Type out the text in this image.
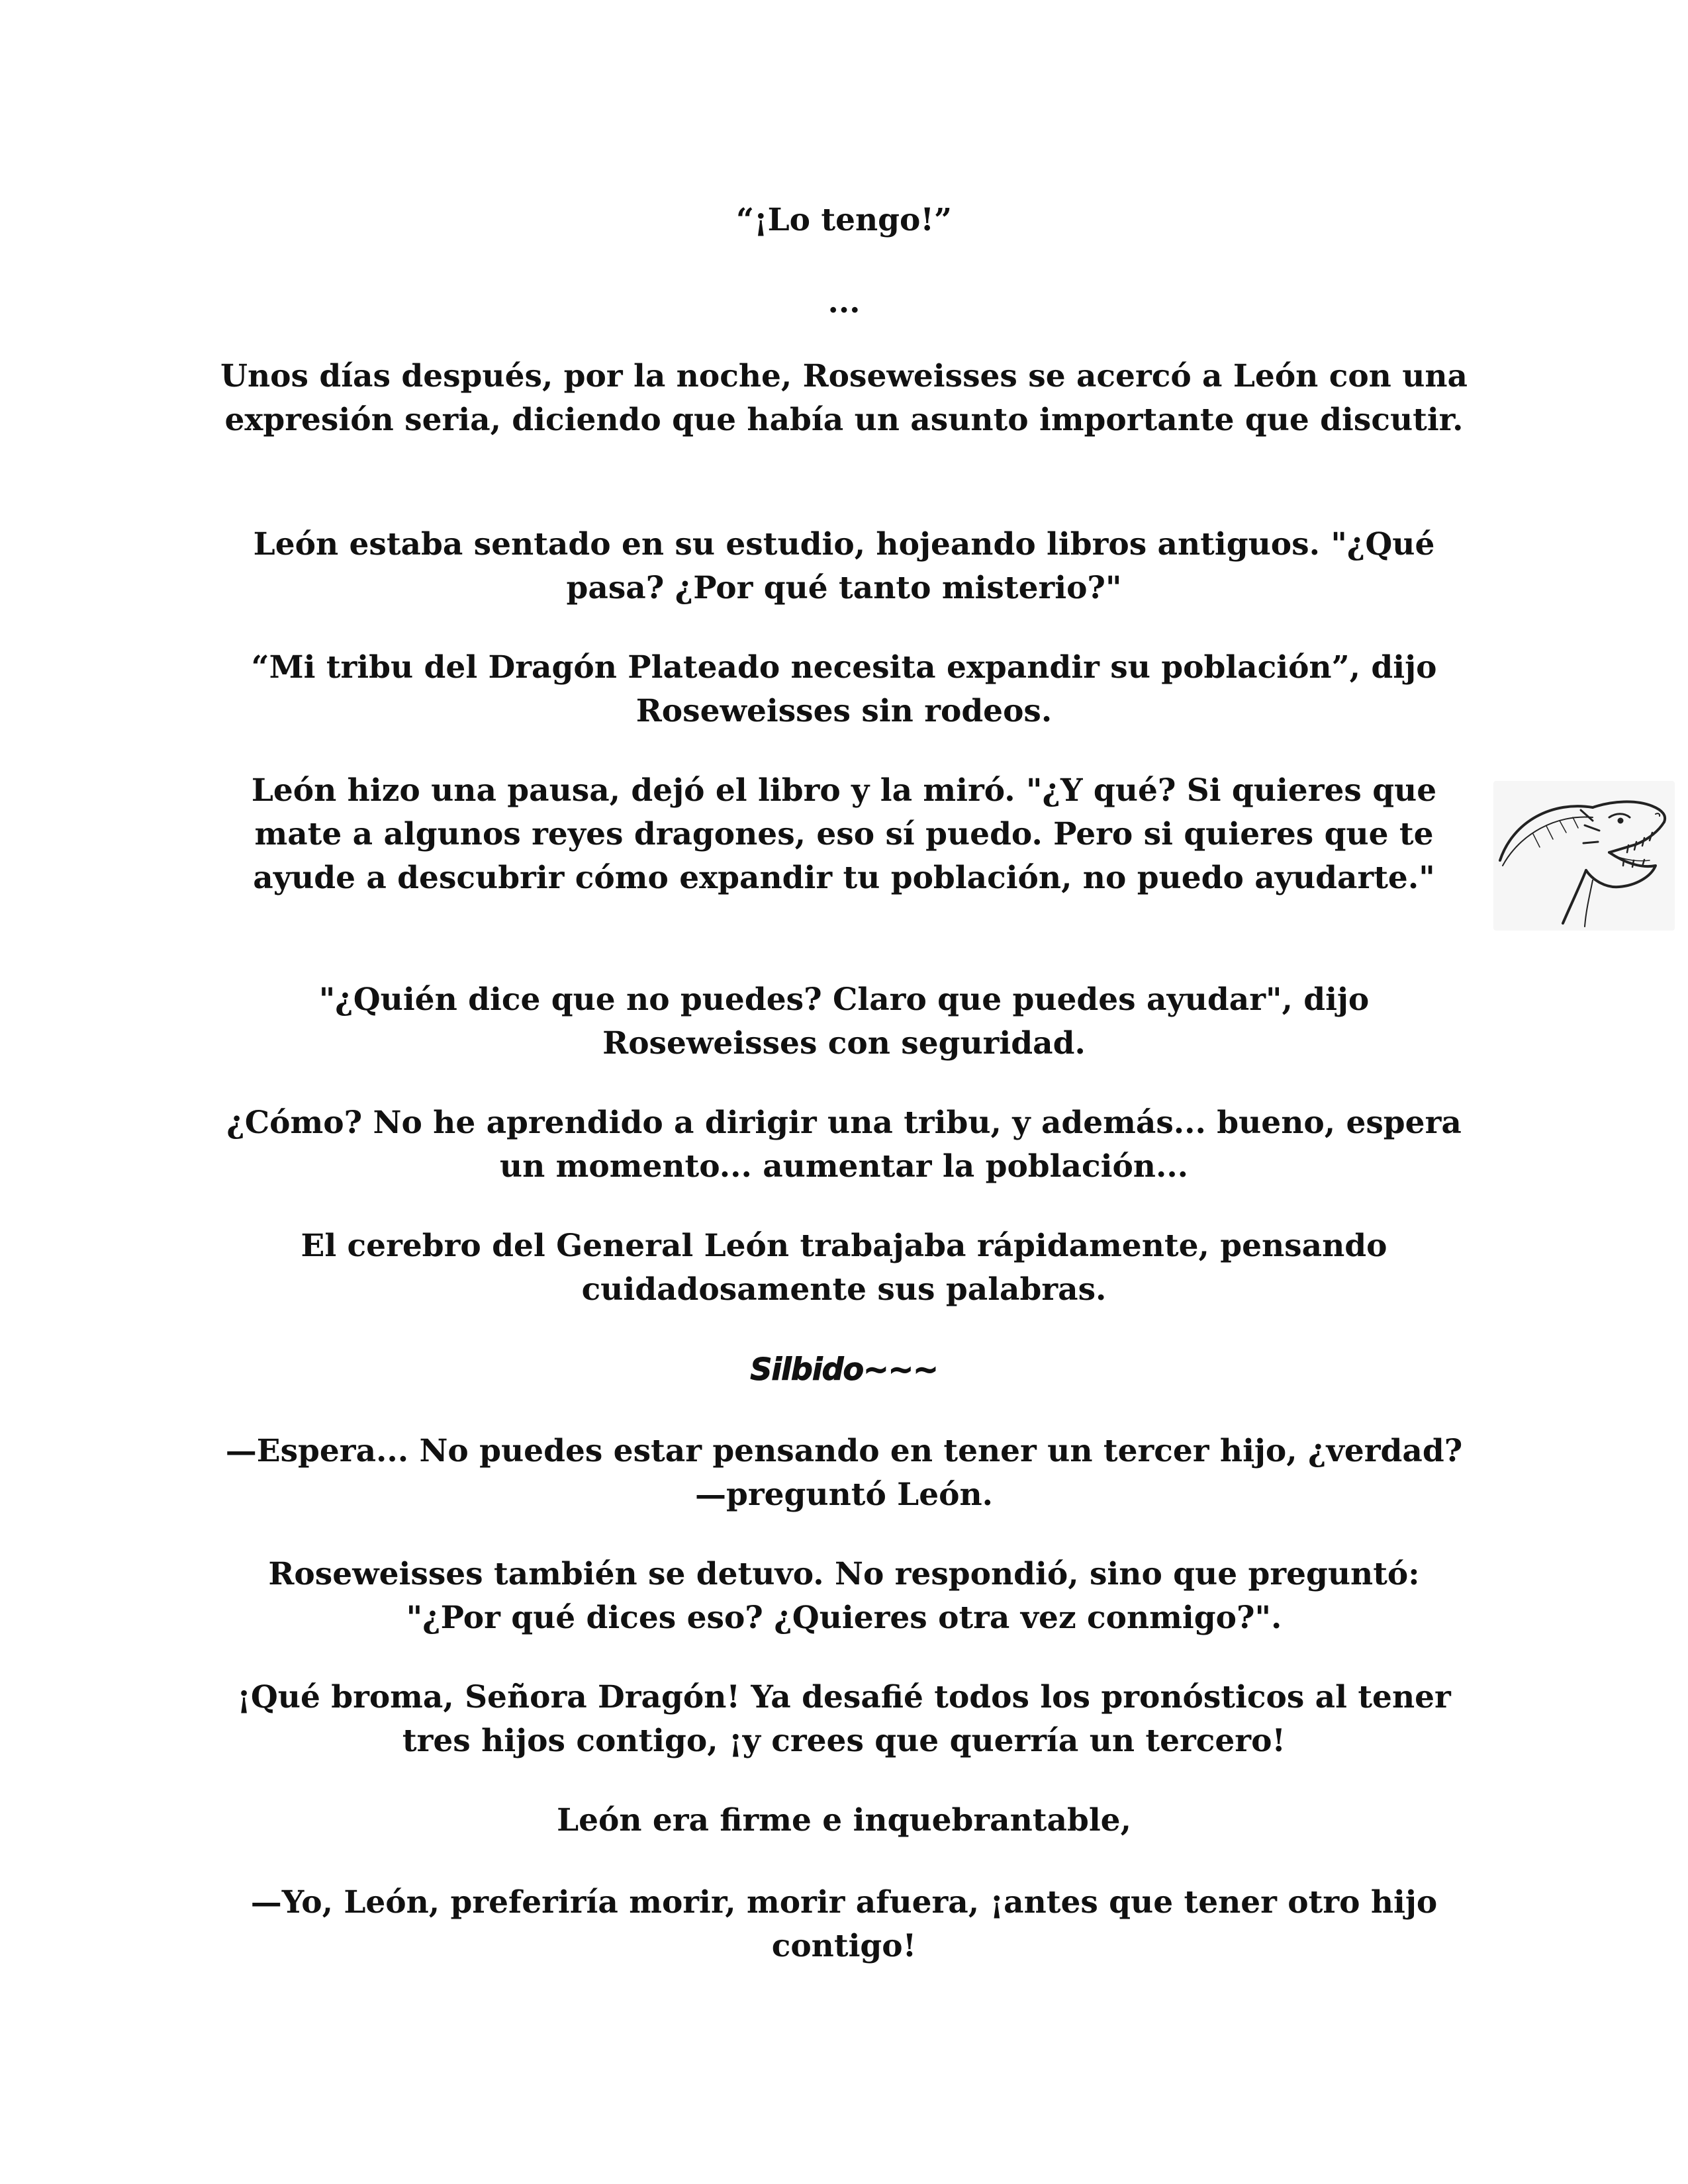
“¡Lo tengo!”

...

Unos días después, por la noche, Roseweisses se acercó a León con una expresión seria, diciendo que había un asunto importante que discutir.

León estaba sentado en su estudio, hojeando libros antiguos. "¿Qué pasa? ¿Por qué tanto misterio?"

“Mi tribu del Dragón Plateado necesita expandir su población”, dijo Roseweisses sin rodeos.

León hizo una pausa, dejó el libro y la miró. "¿Y qué? Si quieres que mate a algunos reyes dragones, eso sí puedo. Pero si quieres que te ayude a descubrir cómo expandir tu población, no puedo ayudarte."

"¿Quién dice que no puedes? Claro que puedes ayudar", dijo Roseweisses con seguridad.

¿Cómo? No he aprendido a dirigir una tribu, y además... bueno, espera un momento... aumentar la población...

El cerebro del General León trabajaba rápidamente, pensando cuidadosamente sus palabras.

Silbido~~~

—Espera... No puedes estar pensando en tener un tercer hijo, ¿verdad? —preguntó León.

Roseweisses también se detuvo. No respondió, sino que preguntó: "¿Por qué dices eso? ¿Quieres otra vez conmigo?".

¡Qué broma, Señora Dragón! Ya desafié todos los pronósticos al tener tres hijos contigo, ¡y crees que querría un tercero!

León era firme e inquebrantable,

—Yo, León, preferiría morir, morir afuera, ¡antes que tener otro hijo contigo!
